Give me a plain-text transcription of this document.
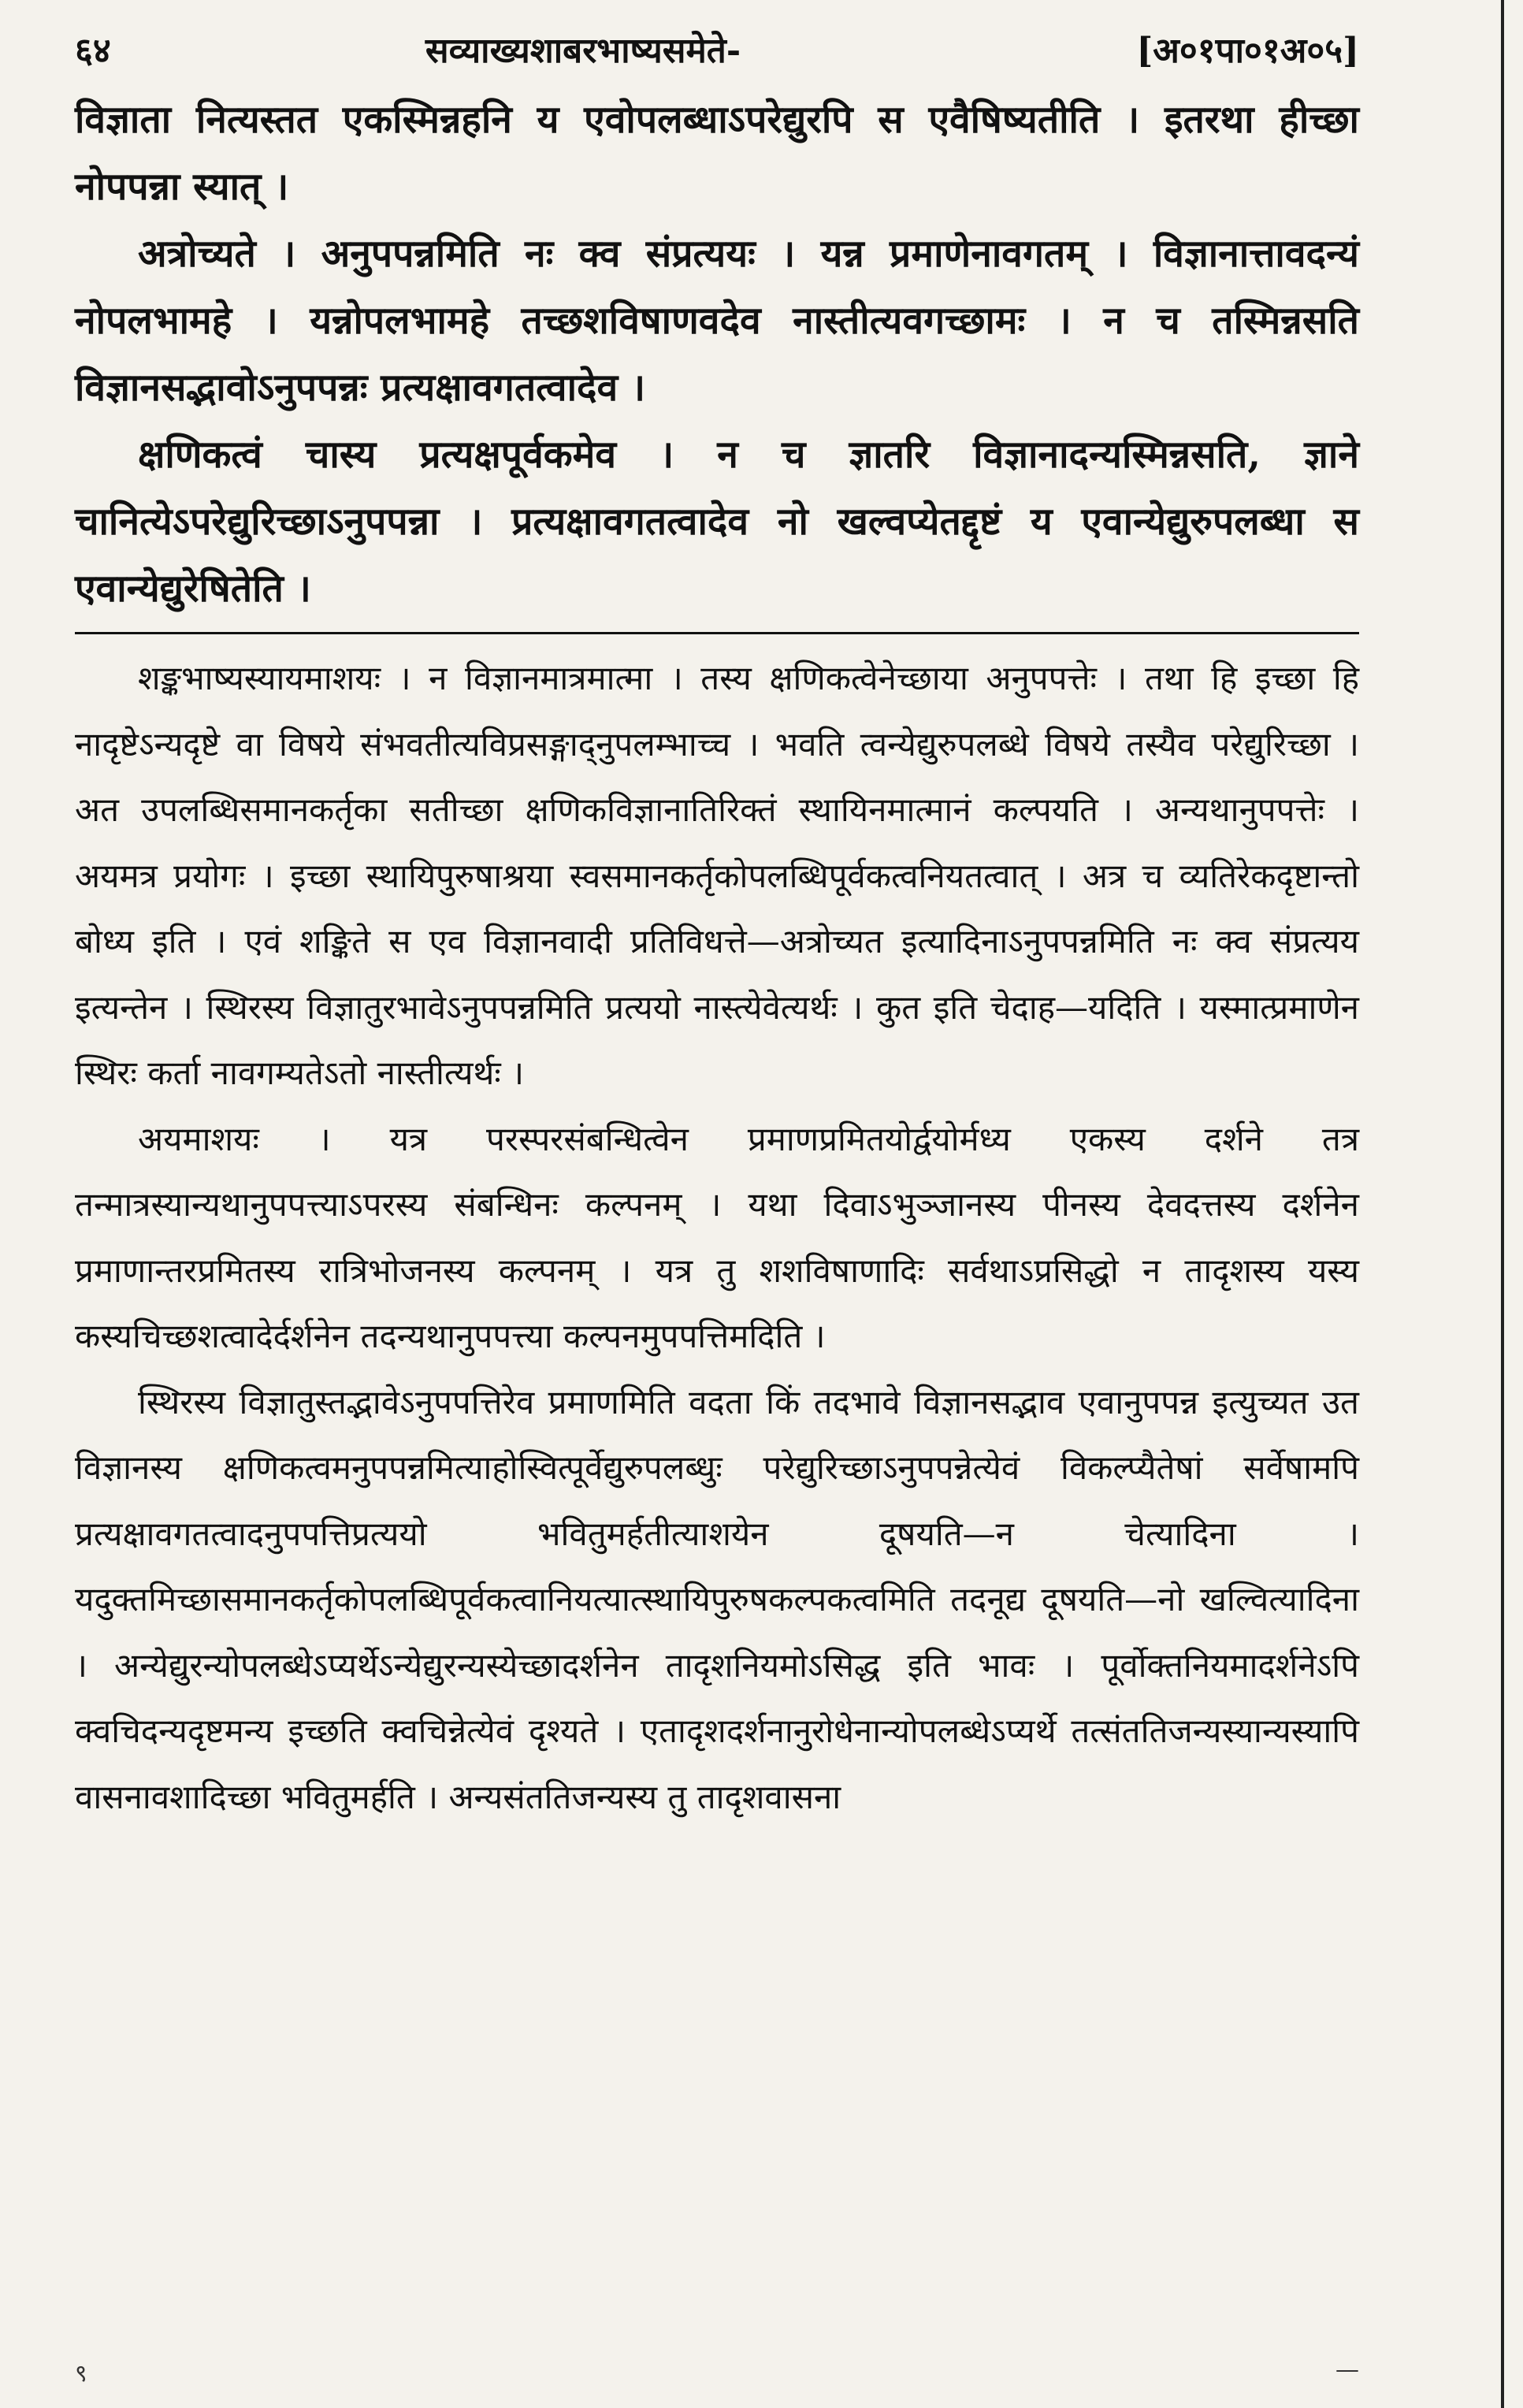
६४	सव्याख्यशाबरभाष्यसमेते-	[अ०१पा०१अ०५]

विज्ञाता नित्यस्तत एकस्मिन्नहनि य एवोपलब्धाऽपरेद्युरपि स एवैषिष्यतीति । इतरथा हीच्छा नोपपन्ना स्यात् ।

अत्रोच्यते । अनुपपन्नमिति नः क्व संप्रत्ययः । यन्न प्रमाणेनावगतम् । विज्ञानात्तावदन्यं नोपलभामहे । यन्नोपलभामहे तच्छशविषाणवदेव नास्तीत्यवगच्छामः । न च तस्मिन्नसति विज्ञानसद्भावोऽनुपपन्नः प्रत्यक्षावगतत्वादेव ।

क्षणिकत्वं चास्य प्रत्यक्षपूर्वकमेव । न च ज्ञातरि विज्ञानादन्यस्मिन्नसति, ज्ञाने चानित्येऽपरेद्युरिच्छाऽनुपपन्ना । प्रत्यक्षावगतत्वादेव नो खल्वप्येतद्दृष्टं य एवान्येद्युरुपलब्धा स एवान्येद्युरेषितेति ।

शङ्कभाष्यस्यायमाशयः । न विज्ञानमात्रमात्मा । तस्य क्षणिकत्वेनेच्छाया अनुपपत्तेः । तथा हि इच्छा हि नादृष्टेऽन्यदृष्टे वा विषये संभवतीत्यविप्रसङ्गाद्नुपलम्भाच्च । भवति त्वन्येद्युरुपलब्धे विषये तस्यैव परेद्युरिच्छा । अत उपलब्धिसमानकर्तृका सतीच्छा क्षणिकविज्ञानातिरिक्तं स्थायिनमात्मानं कल्पयति । अन्यथानुपपत्तेः । अयमत्र प्रयोगः । इच्छा स्थायिपुरुषाश्रया स्वसमानकर्तृकोपलब्धिपूर्वकत्वनियतत्वात् । अत्र च व्यतिरेकदृष्टान्तो बोध्य इति । एवं शङ्किते स एव विज्ञानवादी प्रतिविधत्ते—अत्रोच्यत इत्यादिनाऽनुपपन्नमिति नः क्व संप्रत्यय इत्यन्तेन । स्थिरस्य विज्ञातुरभावेऽनुपपन्नमिति प्रत्ययो नास्त्येवेत्यर्थः । कुत इति चेदाह—यदिति । यस्मात्प्रमाणेन स्थिरः कर्ता नावगम्यतेऽतो नास्तीत्यर्थः ।

अयमाशयः । यत्र परस्परसंबन्धित्वेन प्रमाणप्रमितयोर्द्वयोर्मध्य एकस्य दर्शने तत्र तन्मात्रस्यान्यथानुपपत्त्याऽपरस्य संबन्धिनः कल्पनम् । यथा दिवाऽभुञ्जानस्य पीनस्य देवदत्तस्य दर्शनेन प्रमाणान्तरप्रमितस्य रात्रिभोजनस्य कल्पनम् । यत्र तु शशविषाणादिः सर्वथाऽप्रसिद्धो न तादृशस्य यस्य कस्यचिच्छशत्वादेर्दर्शनेन तदन्यथानुपपत्त्या कल्पनमुपपत्तिमदिति ।

स्थिरस्य विज्ञातुस्तद्भावेऽनुपपत्तिरेव प्रमाणमिति वदता किं तदभावे विज्ञानसद्भाव एवानुपपन्न इत्युच्यत उत विज्ञानस्य क्षणिकत्वमनुपपन्नमित्याहोस्वित्पूर्वेद्युरुपलब्धुः परेद्युरिच्छाऽनुपपन्नेत्येवं विकल्प्यैतेषां सर्वेषामपि प्रत्यक्षावगतत्वादनुपपत्तिप्रत्ययो भवितुमर्हतीत्याशयेन दूषयति—न चेत्यादिना । यदुक्तमिच्छासमानकर्तृकोपलब्धिपूर्वकत्वानियत्यात्स्थायिपुरुषकल्पकत्वमिति तदनूद्य दूषयति—नो खल्वित्यादिना । अन्येद्युरन्योपलब्धेऽप्यर्थेऽन्येद्युरन्यस्येच्छादर्शनेन तादृशनियमोऽसिद्ध इति भावः । पूर्वोक्तनियमादर्शनेऽपि क्वचिदन्यदृष्टमन्य इच्छति क्वचिन्नेत्येवं दृश्यते । एतादृशदर्शनानुरोधेनान्योपलब्धेऽप्यर्थे तत्संततिजन्यस्यान्यस्यापि वासनावशादिच्छा भवितुमर्हति । अन्यसंततिजन्यस्य तु तादृशवासना

९	—
